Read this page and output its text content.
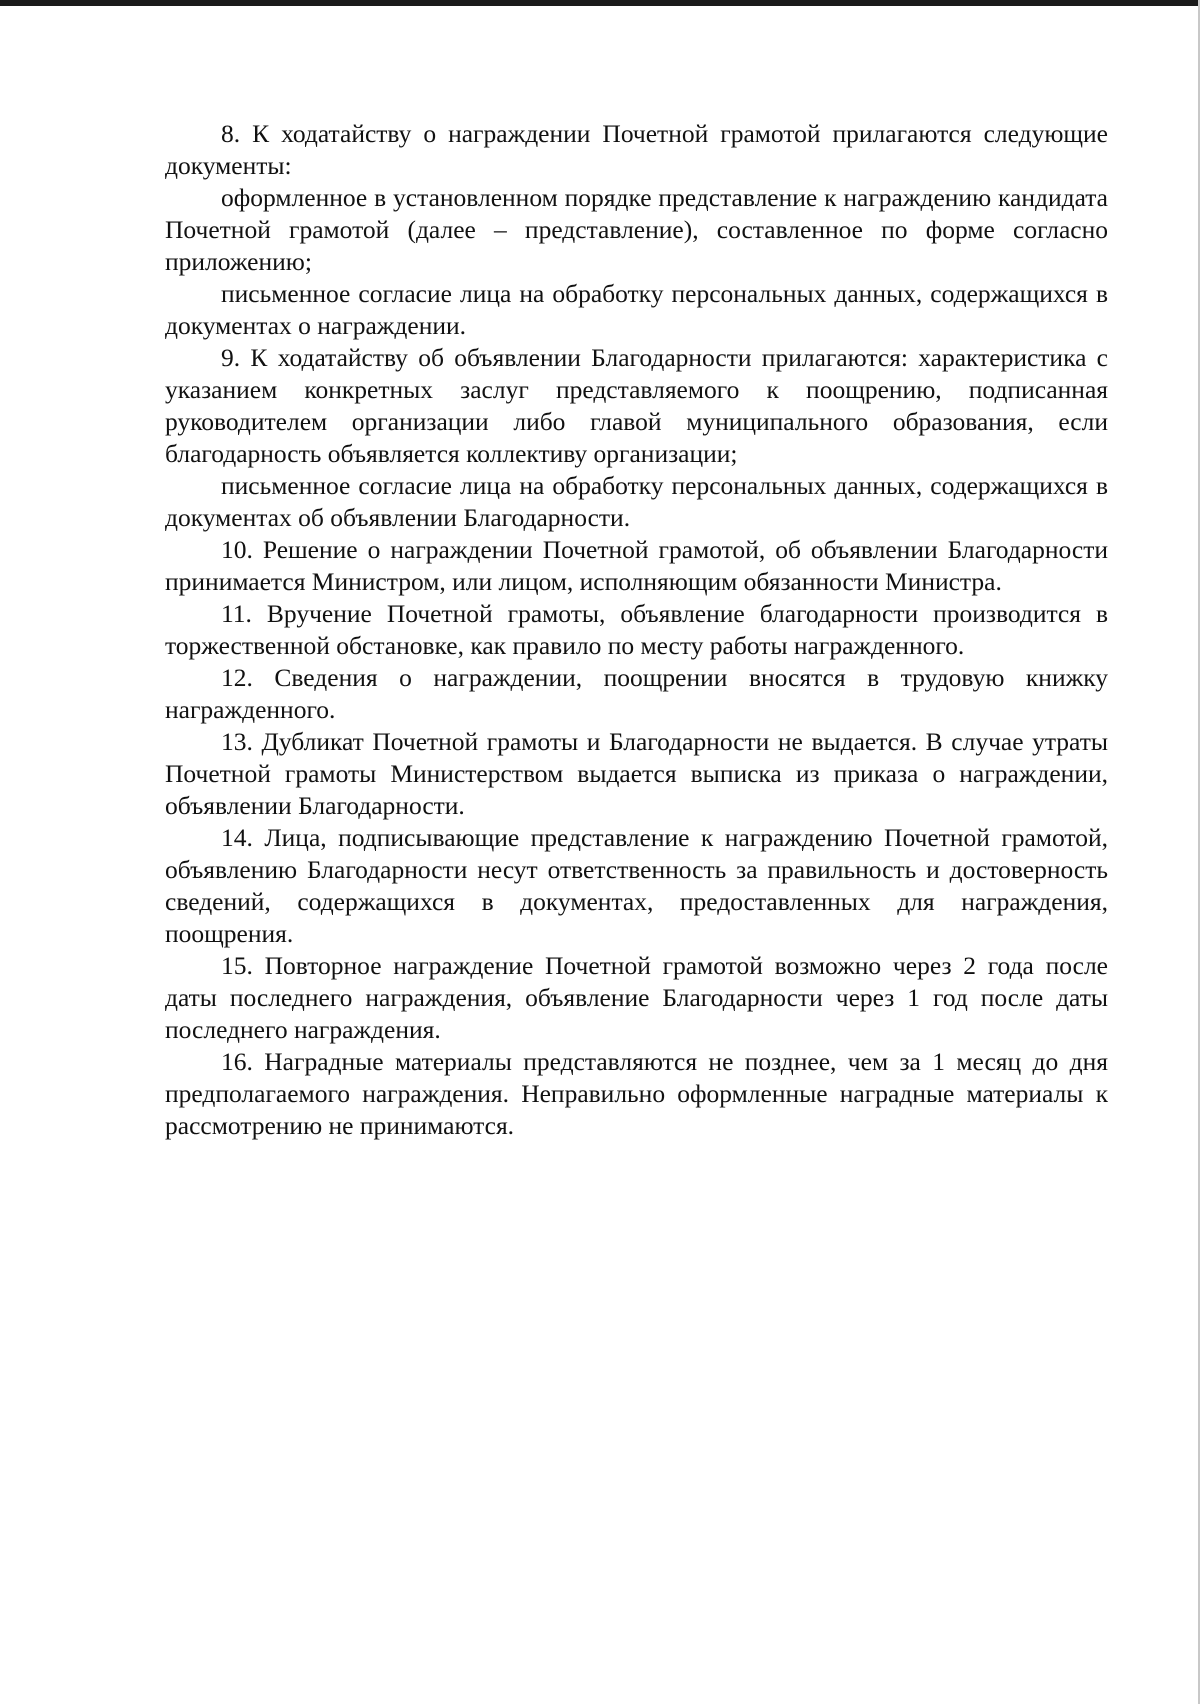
8. К ходатайству о награждении Почетной грамотой прилагаются следующие документы:

оформленное в установленном порядке представление к награждению кандидата Почетной грамотой (далее – представление), составленное по форме согласно приложению;

письменное согласие лица на обработку персональных данных, содержащихся в документах о награждении.

9. К ходатайству об объявлении Благодарности прилагаются: характеристика с указанием конкретных заслуг представляемого к поощрению, подписанная руководителем организации либо главой муниципального образования, если благодарность объявляется коллективу организации;

письменное согласие лица на обработку персональных данных, содержащихся в документах об объявлении Благодарности.

10. Решение о награждении Почетной грамотой, об объявлении Благодарности принимается Министром, или лицом, исполняющим обязанности Министра.

11. Вручение Почетной грамоты, объявление благодарности производится в торжественной обстановке, как правило по месту работы награжденного.

12. Сведения о награждении, поощрении вносятся в трудовую книжку награжденного.

13. Дубликат Почетной грамоты и Благодарности не выдается. В случае утраты Почетной грамоты Министерством выдается выписка из приказа о награждении, объявлении Благодарности.

14. Лица, подписывающие представление к награждению Почетной грамотой, объявлению Благодарности несут ответственность за правильность и достоверность сведений, содержащихся в документах, предоставленных для награждения, поощрения.

15. Повторное награждение Почетной грамотой возможно через 2 года после даты последнего награждения, объявление Благодарности через 1 год после даты последнего награждения.

16. Наградные материалы представляются не позднее, чем за 1 месяц до дня предполагаемого награждения. Неправильно оформленные наградные материалы к рассмотрению не принимаются.
